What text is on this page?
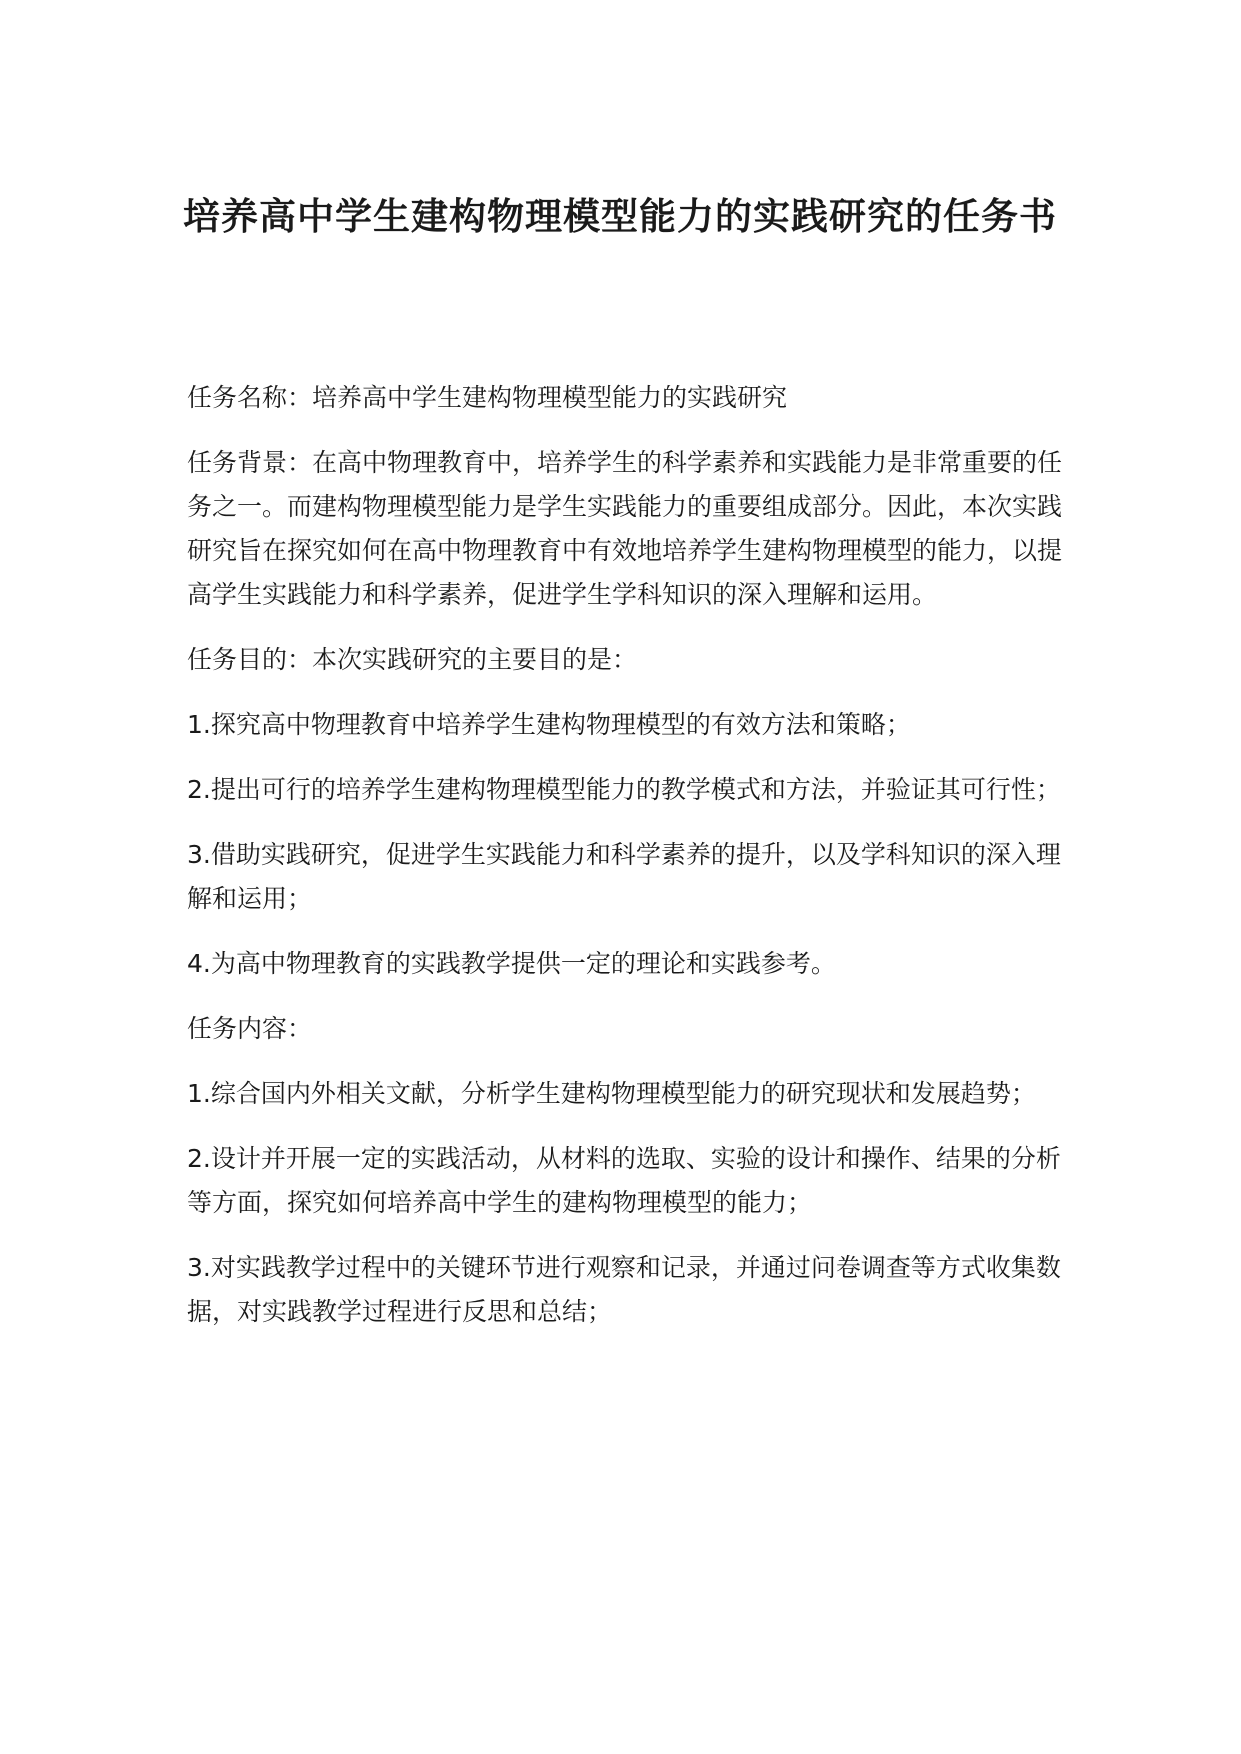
培养高中学生建构物理模型能力的实践研究的任务书

任务名称：培养高中学生建构物理模型能力的实践研究

任务背景：在高中物理教育中，培养学生的科学素养和实践能力是非常重要的任务之一。而建构物理模型能力是学生实践能力的重要组成部分。因此，本次实践研究旨在探究如何在高中物理教育中有效地培养学生建构物理模型的能力，以提高学生实践能力和科学素养，促进学生学科知识的深入理解和运用。

任务目的：本次实践研究的主要目的是：

1.探究高中物理教育中培养学生建构物理模型的有效方法和策略；

2.提出可行的培养学生建构物理模型能力的教学模式和方法，并验证其可行性；

3.借助实践研究，促进学生实践能力和科学素养的提升，以及学科知识的深入理解和运用；

4.为高中物理教育的实践教学提供一定的理论和实践参考。

任务内容：

1.综合国内外相关文献，分析学生建构物理模型能力的研究现状和发展趋势；

2.设计并开展一定的实践活动，从材料的选取、实验的设计和操作、结果的分析等方面，探究如何培养高中学生的建构物理模型的能力；

3.对实践教学过程中的关键环节进行观察和记录，并通过问卷调查等方式收集数据，对实践教学过程进行反思和总结；
